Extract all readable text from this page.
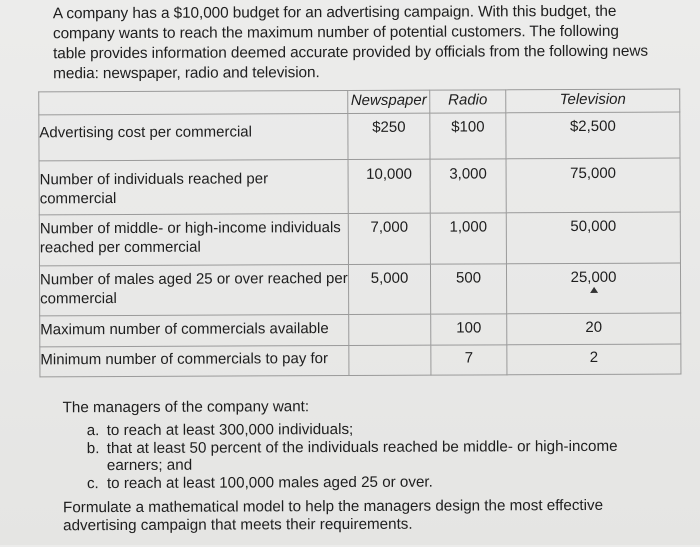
A company has a $10,000 budget for an advertising campaign. With this budget, the company wants to reach the maximum number of potential customers. The following table provides information deemed accurate provided by officials from the following news media: newspaper, radio and television.

	Newspaper	Radio	Television
Advertising cost per commercial	$250	$100	$2,500
Number of individuals reached per commercial	10,000	3,000	75,000
Number of middle- or high-income individuals reached per commercial	7,000	1,000	50,000
Number of males aged 25 or over reached per commercial	5,000	500	25,000

Maximum number of commercials available		100	20
Minimum number of commercials to pay for		7	2

The managers of the company want:

a. to reach at least 300,000 individuals;
b. that at least 50 percent of the individuals reached be middle- or high-income earners; and
c. to reach at least 100,000 males aged 25 or over.

Formulate a mathematical model to help the managers design the most effective advertising campaign that meets their requirements.
